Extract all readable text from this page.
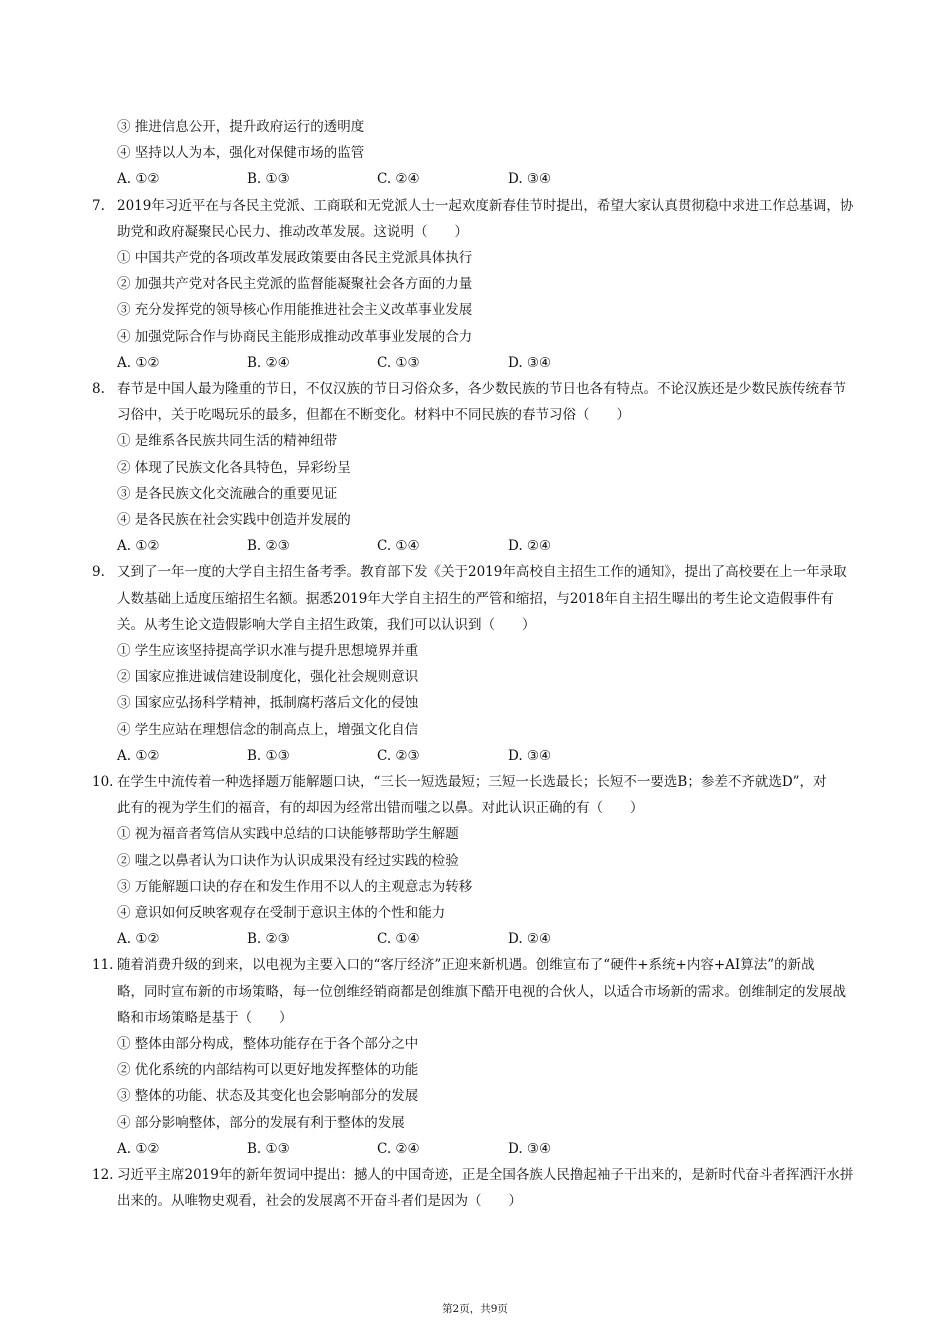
③ 推进信息公开，提升政府运行的透明度
④ 坚持以人为本，强化对保健市场的监管
A. ①②	B. ①③	C. ②④	D. ③④
7. 2019年习近平在与各民主党派、工商联和无党派人士一起欢度新春佳节时提出，希望大家认真贯彻稳中求进工作总基调，协
助党和政府凝聚民心民力、推动改革发展。这说明（　　）
① 中国共产党的各项改革发展政策要由各民主党派具体执行
② 加强共产党对各民主党派的监督能凝聚社会各方面的力量
③ 充分发挥党的领导核心作用能推进社会主义改革事业发展
④ 加强党际合作与协商民主能形成推动改革事业发展的合力
A. ①②	B. ②④	C. ①③	D. ③④
8. 春节是中国人最为隆重的节日，不仅汉族的节日习俗众多，各少数民族的节日也各有特点。不论汉族还是少数民族传统春节
习俗中，关于吃喝玩乐的最多，但都在不断变化。材料中不同民族的春节习俗（　　）
① 是维系各民族共同生活的精神纽带
② 体现了民族文化各具特色，异彩纷呈
③ 是各民族文化交流融合的重要见证
④ 是各民族在社会实践中创造并发展的
A. ①②	B. ②③	C. ①④	D. ②④
9. 又到了一年一度的大学自主招生备考季。教育部下发《关于2019年高校自主招生工作的通知》，提出了高校要在上一年录取
人数基础上适度压缩招生名额。据悉2019年大学自主招生的严管和缩招，与2018年自主招生曝出的考生论文造假事件有
关。从考生论文造假影响大学自主招生政策，我们可以认识到（　　）
① 学生应该坚持提高学识水准与提升思想境界并重
② 国家应推进诚信建设制度化，强化社会规则意识
③ 国家应弘扬科学精神，抵制腐朽落后文化的侵蚀
④ 学生应站在理想信念的制高点上，增强文化自信
A. ①②	B. ①③	C. ②③	D. ③④
10. 在学生中流传着一种选择题万能解题口诀，“三长一短选最短；三短一长选最长；长短不一要选B；参差不齐就选D”，对
此有的视为学生们的福音，有的却因为经常出错而嗤之以鼻。对此认识正确的有（　　）
① 视为福音者笃信从实践中总结的口诀能够帮助学生解题
② 嗤之以鼻者认为口诀作为认识成果没有经过实践的检验
③ 万能解题口诀的存在和发生作用不以人的主观意志为转移
④ 意识如何反映客观存在受制于意识主体的个性和能力
A. ①②	B. ②③	C. ①④	D. ②④
11. 随着消费升级的到来，以电视为主要入口的“客厅经济”正迎来新机遇。创维宣布了“硬件+系统+内容+AI算法”的新战
略，同时宣布新的市场策略，每一位创维经销商都是创维旗下酷开电视的合伙人，以适合市场新的需求。创维制定的发展战
略和市场策略是基于（　　）
① 整体由部分构成，整体功能存在于各个部分之中
② 优化系统的内部结构可以更好地发挥整体的功能
③ 整体的功能、状态及其变化也会影响部分的发展
④ 部分影响整体，部分的发展有利于整体的发展
A. ①②	B. ①③	C. ②④	D. ③④
12. 习近平主席2019年的新年贺词中提出：撼人的中国奇迹，正是全国各族人民撸起袖子干出来的，是新时代奋斗者挥洒汗水拼
出来的。从唯物史观看，社会的发展离不开奋斗者们是因为（　　）
第2页，共9页
